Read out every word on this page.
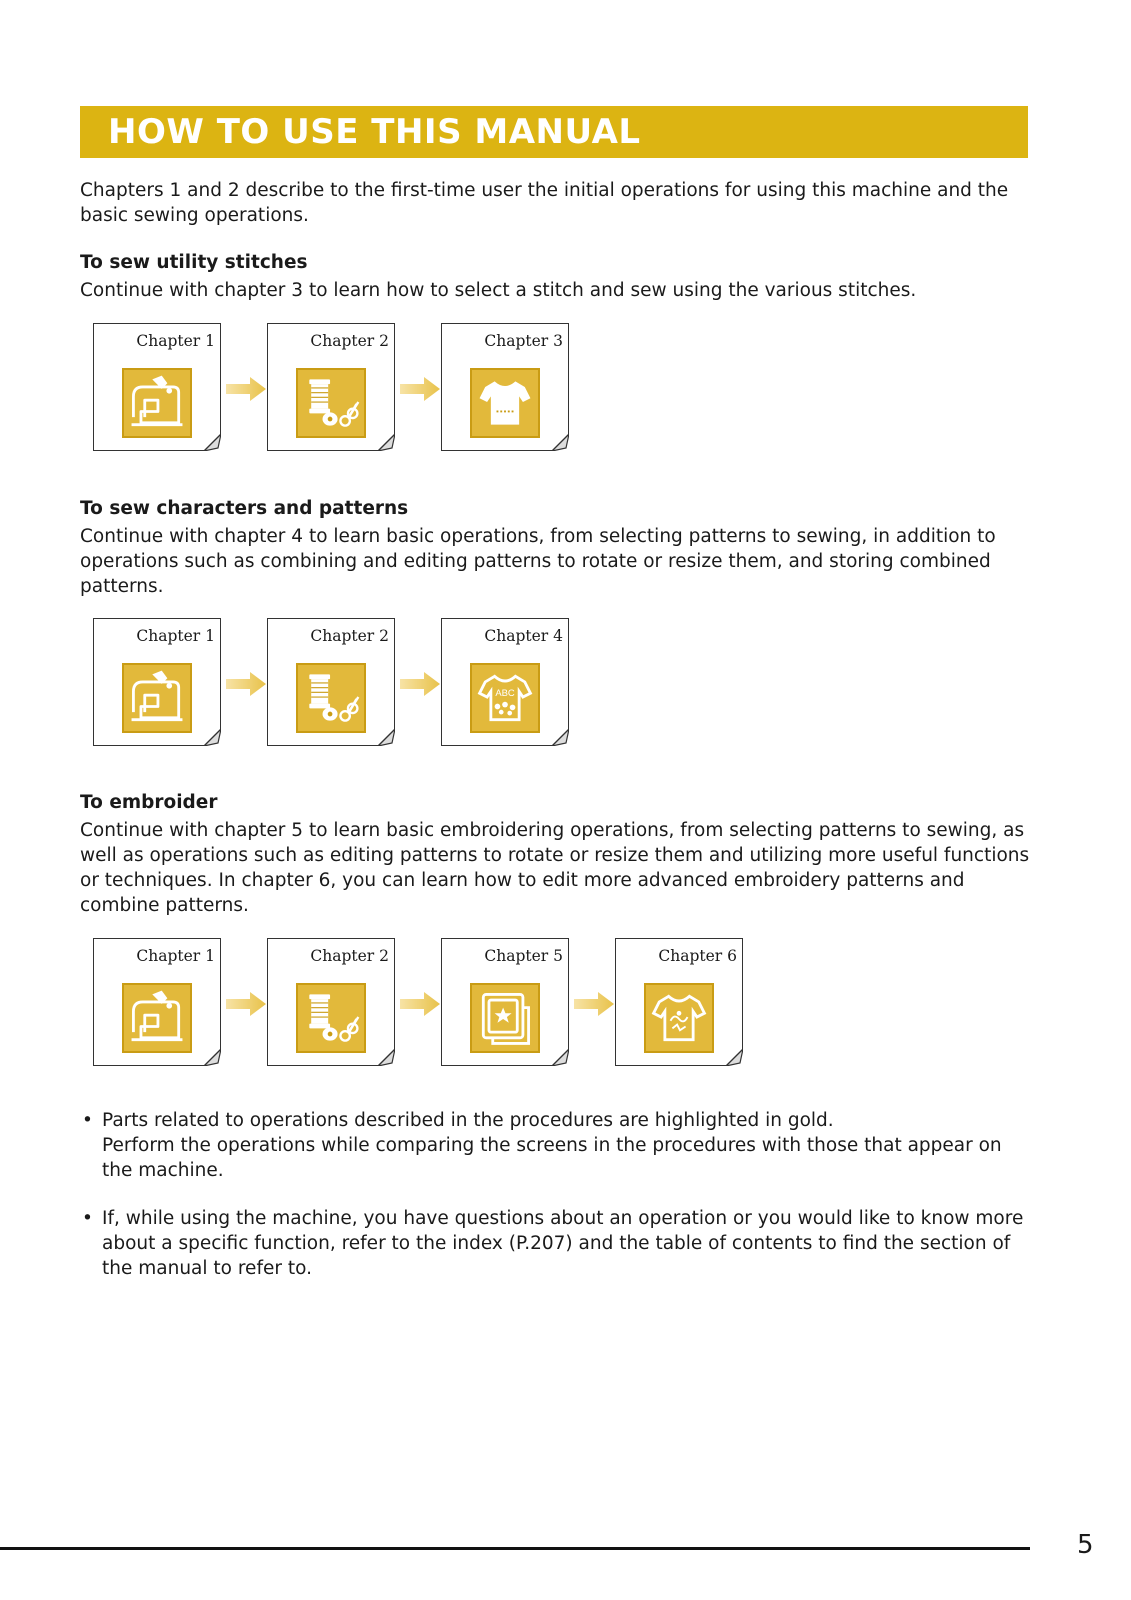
HOW TO USE THIS MANUAL

Chapters 1 and 2 describe to the first-time user the initial operations for using this machine and the basic sewing operations.

To sew utility stitches

Continue with chapter 3 to learn how to select a stitch and sew using the various stitches.

Chapter 1	Chapter 2	Chapter 3

To sew characters and patterns

Continue with chapter 4 to learn basic operations, from selecting patterns to sewing, in addition to operations such as combining and editing patterns to rotate or resize them, and storing combined patterns.

Chapter 1	Chapter 2	Chapter 4
ABC

To embroider

Continue with chapter 5 to learn basic embroidering operations, from selecting patterns to sewing, as well as operations such as editing patterns to rotate or resize them and utilizing more useful functions or techniques. In chapter 6, you can learn how to edit more advanced embroidery patterns and combine patterns.

Chapter 1	Chapter 2	Chapter 5	Chapter 6
• Parts related to operations described in the procedures are highlighted in gold.
Perform the operations while comparing the screens in the procedures with those that appear on the machine.
• If, while using the machine, you have questions about an operation or you would like to know more about a specific function, refer to the index (P.207) and the table of contents to find the section of the manual to refer to.
5
